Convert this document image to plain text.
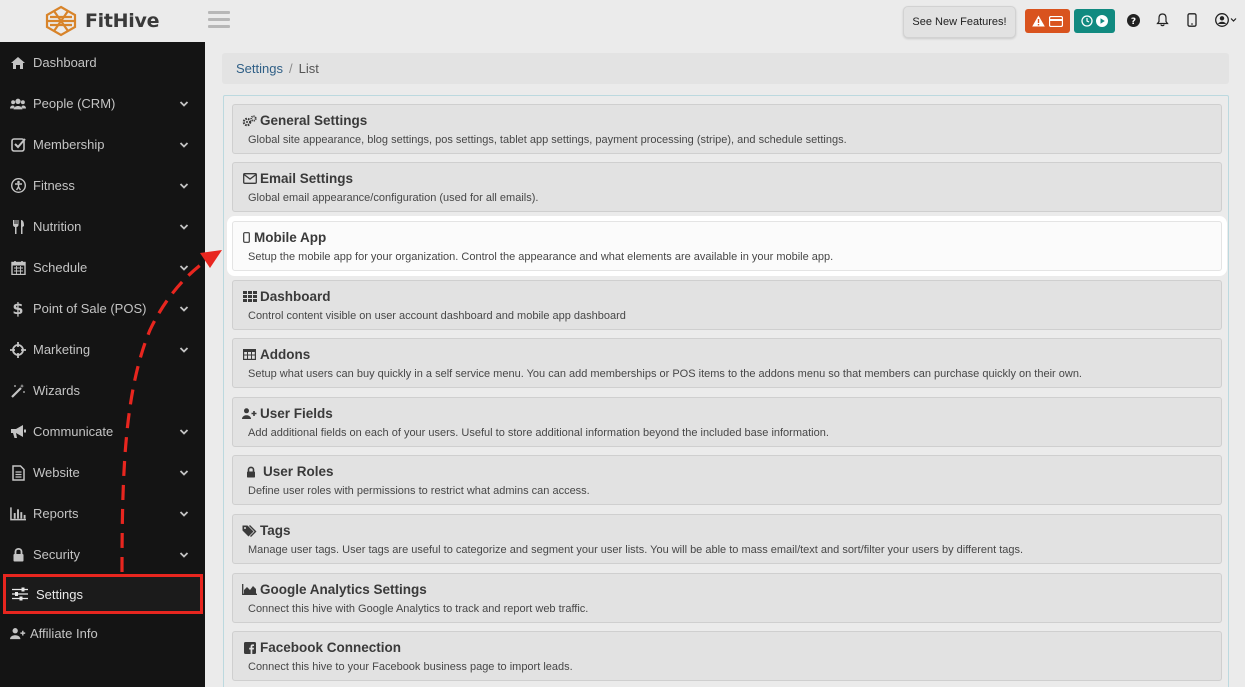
FitHive	See New Features!	?
Dashboard
People (CRM)
Membership
Fitness
Nutrition
Schedule
$ Point of Sale (POS)
Marketing
Wizards
Communicate
Website
Reports
Security
Settings
Affiliate Info
Settings / List
General Settings
Global site appearance, blog settings, pos settings, tablet app settings, payment processing (stripe), and schedule settings.
Email Settings
Global email appearance/configuration (used for all emails).
Mobile App
Setup the mobile app for your organization. Control the appearance and what elements are available in your mobile app.
Dashboard
Control content visible on user account dashboard and mobile app dashboard
Addons
Setup what users can buy quickly in a self service menu. You can add memberships or POS items to the addons menu so that members can purchase quickly on their own.
User Fields
Add additional fields on each of your users. Useful to store additional information beyond the included base information.
User Roles
Define user roles with permissions to restrict what admins can access.
Tags
Manage user tags. User tags are useful to categorize and segment your user lists. You will be able to mass email/text and sort/filter your users by different tags.
Google Analytics Settings
Connect this hive with Google Analytics to track and report web traffic.
Facebook Connection
Connect this hive to your Facebook business page to import leads.
